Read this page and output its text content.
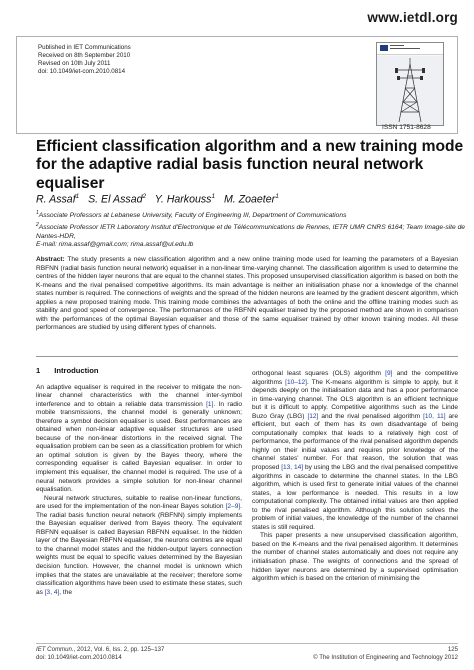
www.ietdl.org
Published in IET Communications
Received on 8th September 2010
Revised on 10th July 2011
doi: 10.1049/iet-com.2010.0814
ISSN 1751-8628
Efficient classification algorithm and a new training mode for the adaptive radial basis function neural network equaliser
R. Assaf$^1$ S. El Assad$^2$ Y. Harkouss$^1$ M. Zoaeter$^1$
$^1$Associate Professors at Lebanese University, Faculty of Engineering III, Department of Communications
$^2$Associate Professor IETR Laboratory Institut d'Electronique et de Télécommunications de Rennes, IETR UMR CNRS 6164; Team Image-site de Nantes-HDR,
E-mail: rima.assaf@gmail.com; rima.assaf@ul.edu.lb
Abstract: The study presents a new classification algorithm and a new online training mode used for learning the parameters of a Bayesian RBFNN (radial basis function neural network) equaliser in a non-linear time-varying channel. The classification algorithm is used to determine the centres of the hidden layer neurons that are equal to the channel states. This proposed unsupervised classification algorithm is based on both the K-means and the rival penalised competitive algorithms. Its main advantage is neither an initialisation phase nor a knowledge of the channel states number is required. The connections of weights and the spread of the hidden neurons are learned by the gradient descent algorithm, which applies a new proposed training mode. This training mode combines the advantages of both the online and the offline training modes such as stability and good speed of convergence. The performances of the RBFNN equaliser trained by the proposed method are shown in comparison with the performances of the optimal Bayesian equaliser and those of the same equaliser trained by other known training modes. All these performances are studied by using different types of channels.
1 Introduction

An adaptive equaliser is required in the receiver to mitigate the non-linear channel characteristics with the channel inter-symbol interference and to obtain a reliable data transmission [1]. In radio mobile transmissions, the channel model is generally unknown; therefore a symbol decision equaliser is used. Best performances are obtained when non-linear adaptive equaliser structures are used because of the non-linear distortions in the received signal. The equalisation problem can be seen as a classification problem for which an optimal solution is given by the Bayes theory, where the corresponding equaliser is called Bayesian equaliser. In order to implement this equaliser, the channel model is required. The use of a neural network provides a simple solution for non-linear channel equalisation.

Neural network structures, suitable to realise non-linear functions, are used for the implementation of the non-linear Bayes solution [2–9]. The radial basis function neural network (RBFNN) simply implements the Bayesian equaliser derived from Bayes theory. The equivalent RBFNN equaliser is called Bayesian RBFNN equaliser. In the hidden layer of the Bayesian RBFNN equaliser, the neurons centres are equal to the channel model states and the hidden-output layers connection weights must be equal to specific values determined by the Bayesian decision function. However, the channel model is unknown which implies that the states are unavailable at the receiver; therefore some classification algorithms have been used to estimate these states, such as [3, 4], the

orthogonal least squares (OLS) algorithm [9] and the competitive algorithms [10–12]. The K-means algorithm is simple to apply, but it depends deeply on the initialisation data and has a poor performance in time-varying channel. The OLS algorithm is an efficient technique but it is difficult to apply. Competitive algorithms such as the Linde Buzo Gray (LBG) [12] and the rival penalised algorithm [10, 11] are efficient, but each of them has its own disadvantage of being computationally complex that leads to a relatively high cost of performance, the performance of the rival penalised algorithm depends highly on their initial values and requires prior knowledge of the channel states' number. For that reason, the solution that was proposed [13, 14] by using the LBG and the rival penalised competitive algorithms in cascade to determine the channel states. In the LBG algorithm, which is used first to generate initial values of the channel states, a low performance is needed. This results in a low computational complexity. The obtained initial values are then applied to the rival penalised algorithm. Although this solution solves the problem of initial values, the knowledge of the number of the channel states is still required.

This paper presents a new unsupervised classification algorithm, based on the K-means and the rival penalised algorithm. It determines the number of channel states automatically and does not require any initialisation phase. The weights of connections and the spread of hidden layer neurons are determined by a supervised optimisation algorithm which is based on the criterion of minimising the

IET Commun., 2012, Vol. 6, Iss. 2, pp. 125–137
doi: 10.1049/iet-com.2010.0814
125
© The Institution of Engineering and Technology 2012
